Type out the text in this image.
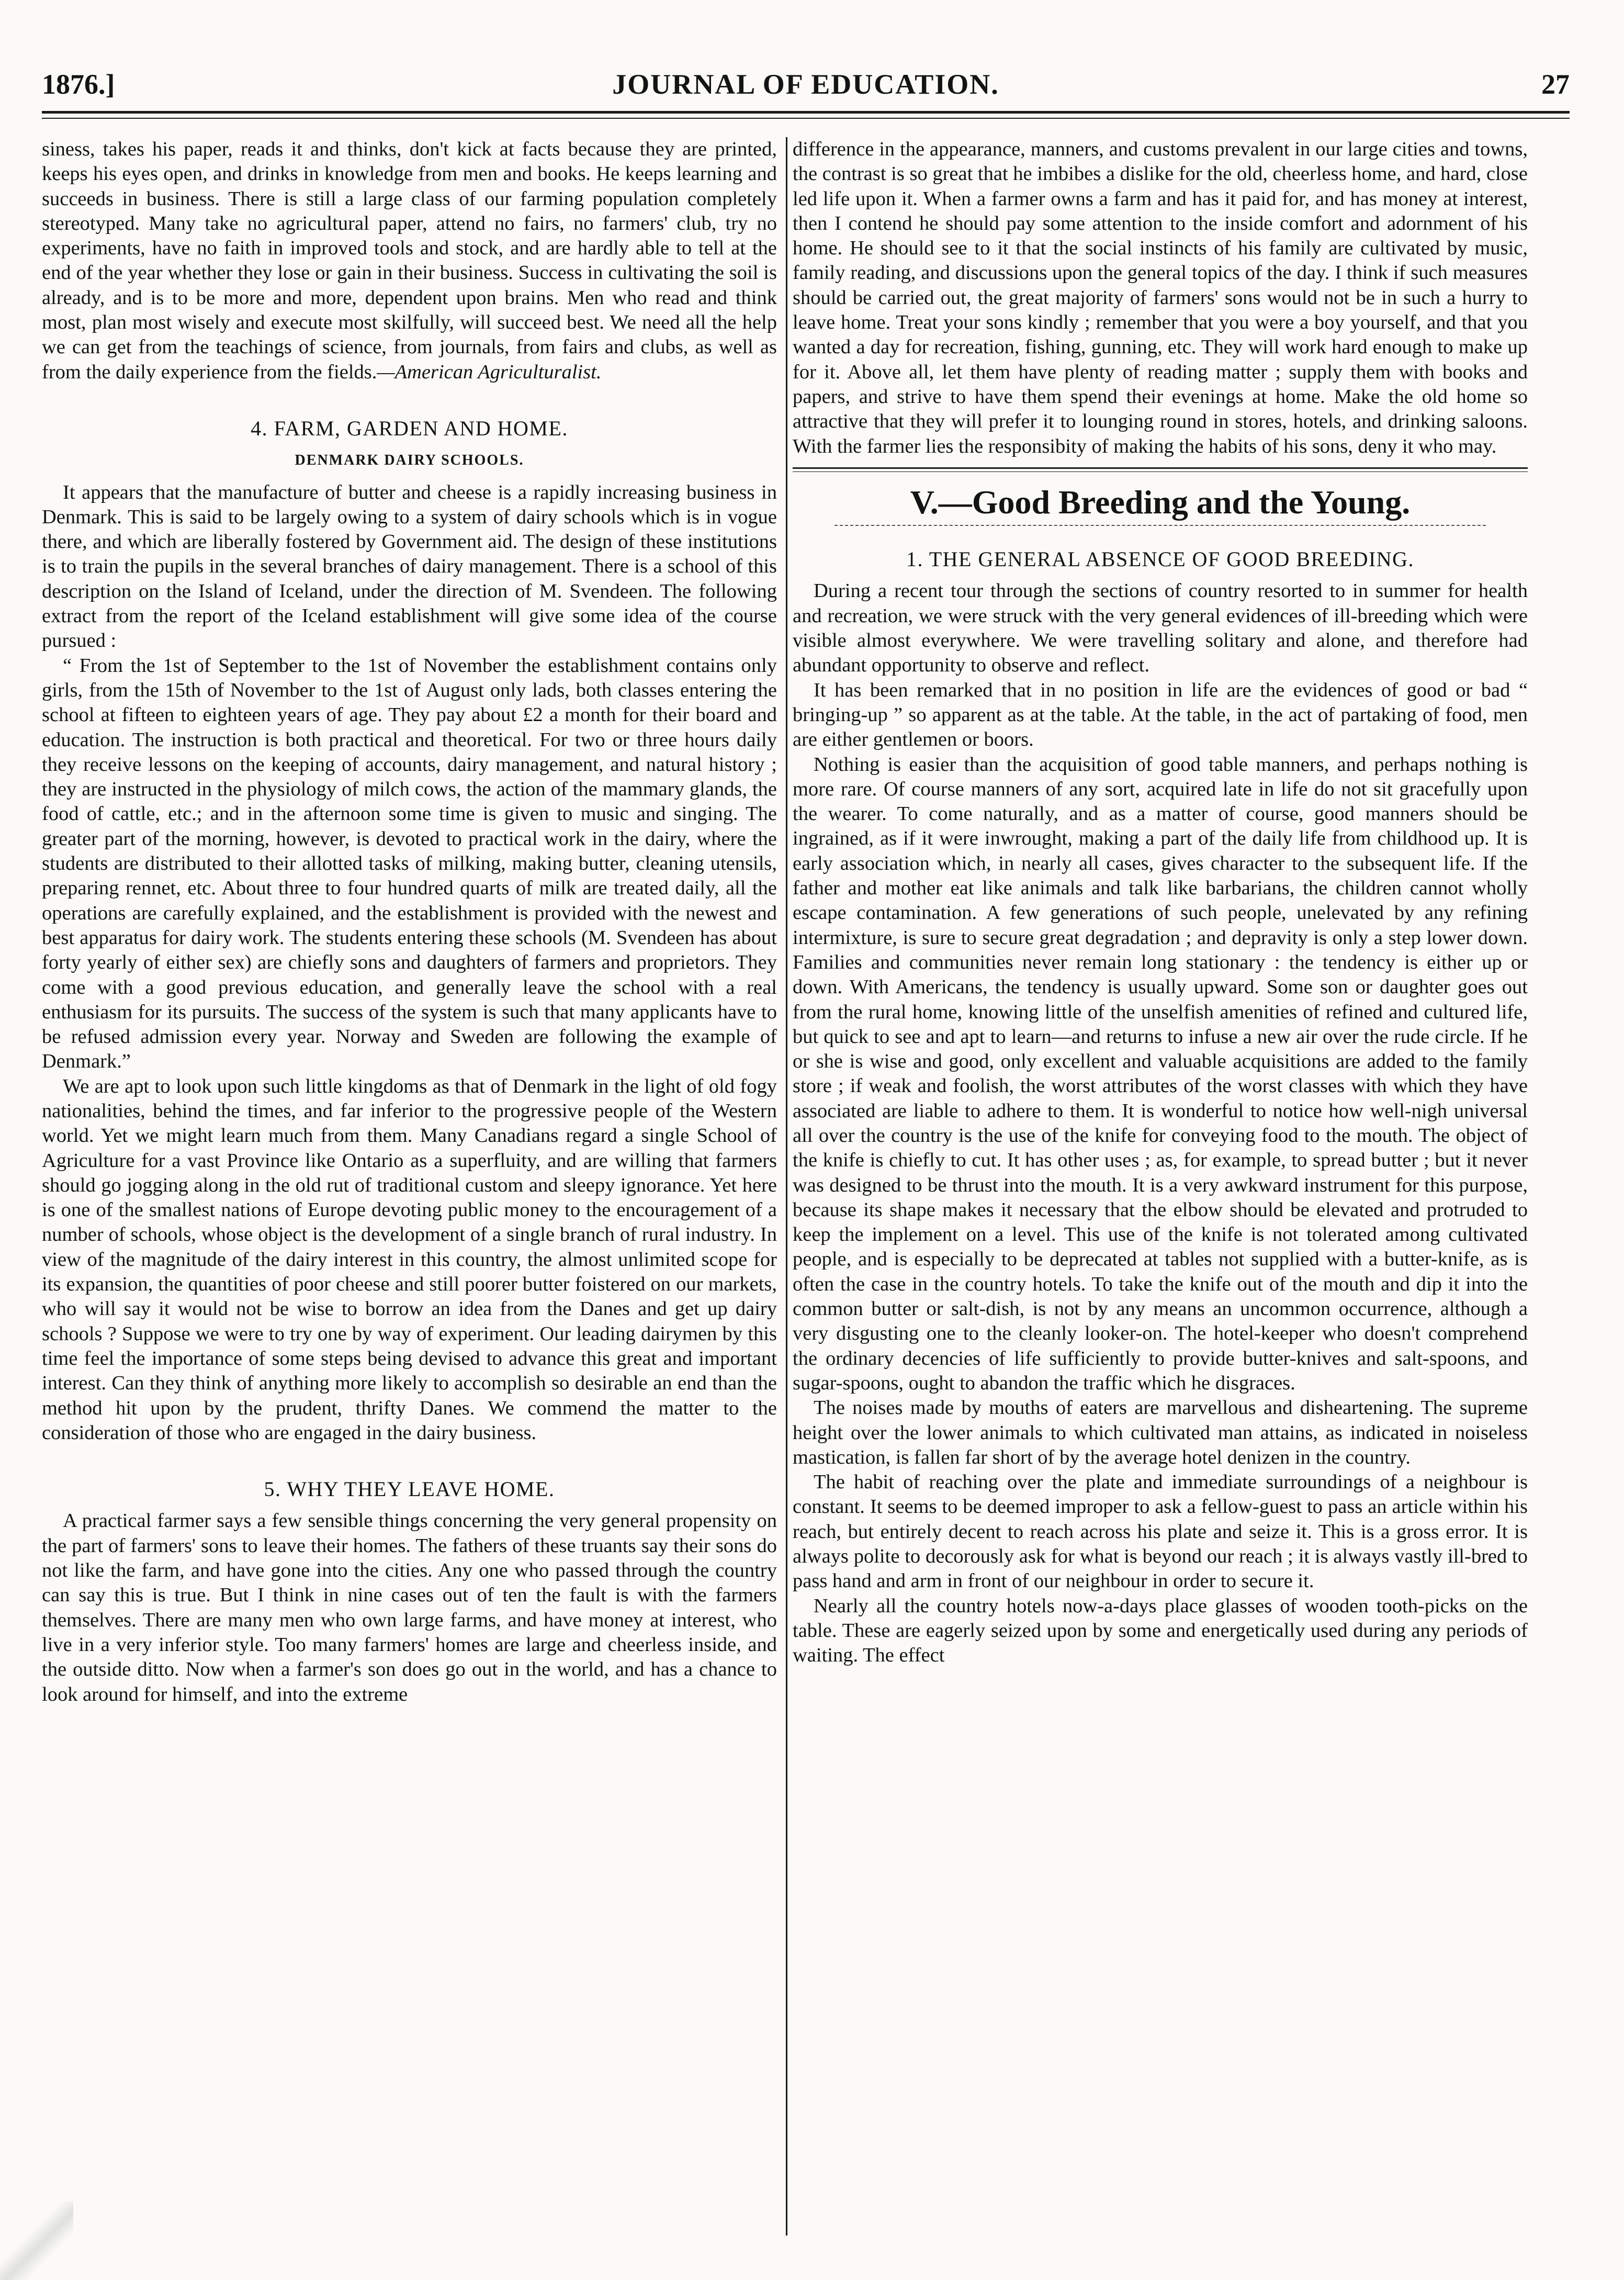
1876.]	JOURNAL OF EDUCATION.	27

siness, takes his paper, reads it and thinks, don't kick at facts because they are printed, keeps his eyes open, and drinks in knowledge from men and books. He keeps learning and succeeds in business. There is still a large class of our farming population completely stereotyped. Many take no agricultural paper, attend no fairs, no farmers' club, try no experiments, have no faith in improved tools and stock, and are hardly able to tell at the end of the year whether they lose or gain in their business. Success in cultivating the soil is already, and is to be more and more, dependent upon brains. Men who read and think most, plan most wisely and execute most skilfully, will succeed best. We need all the help we can get from the teachings of science, from journals, from fairs and clubs, as well as from the daily experience from the fields.—American Agriculturalist.

4. FARM, GARDEN AND HOME.
DENMARK DAIRY SCHOOLS.

It appears that the manufacture of butter and cheese is a rapidly increasing business in Denmark. This is said to be largely owing to a system of dairy schools which is in vogue there, and which are liberally fostered by Government aid. The design of these institutions is to train the pupils in the several branches of dairy management. There is a school of this description on the Island of Iceland, under the direction of M. Svendeen. The following extract from the report of the Iceland establishment will give some idea of the course pursued :

“ From the 1st of September to the 1st of November the establishment contains only girls, from the 15th of November to the 1st of August only lads, both classes entering the school at fifteen to eighteen years of age. They pay about £2 a month for their board and education. The instruction is both practical and theoretical. For two or three hours daily they receive lessons on the keeping of accounts, dairy management, and natural history ; they are instructed in the physiology of milch cows, the action of the mammary glands, the food of cattle, etc.; and in the afternoon some time is given to music and singing. The greater part of the morning, however, is devoted to practical work in the dairy, where the students are distributed to their allotted tasks of milking, making butter, cleaning utensils, preparing rennet, etc. About three to four hundred quarts of milk are treated daily, all the operations are carefully explained, and the establishment is provided with the newest and best apparatus for dairy work. The students entering these schools (M. Svendeen has about forty yearly of either sex) are chiefly sons and daughters of farmers and proprietors. They come with a good previous education, and generally leave the school with a real enthusiasm for its pursuits. The success of the system is such that many applicants have to be refused admission every year. Norway and Sweden are following the example of Denmark.”

We are apt to look upon such little kingdoms as that of Denmark in the light of old fogy nationalities, behind the times, and far inferior to the progressive people of the Western world. Yet we might learn much from them. Many Canadians regard a single School of Agriculture for a vast Province like Ontario as a superfluity, and are willing that farmers should go jogging along in the old rut of traditional custom and sleepy ignorance. Yet here is one of the smallest nations of Europe devoting public money to the encouragement of a number of schools, whose object is the development of a single branch of rural industry. In view of the magnitude of the dairy interest in this country, the almost unlimited scope for its expansion, the quantities of poor cheese and still poorer butter foistered on our markets, who will say it would not be wise to borrow an idea from the Danes and get up dairy schools ? Suppose we were to try one by way of experiment. Our leading dairymen by this time feel the importance of some steps being devised to advance this great and important interest. Can they think of anything more likely to accomplish so desirable an end than the method hit upon by the prudent, thrifty Danes. We commend the matter to the consideration of those who are engaged in the dairy business.

5. WHY THEY LEAVE HOME.

A practical farmer says a few sensible things concerning the very general propensity on the part of farmers' sons to leave their homes. The fathers of these truants say their sons do not like the farm, and have gone into the cities. Any one who passed through the country can say this is true. But I think in nine cases out of ten the fault is with the farmers themselves. There are many men who own large farms, and have money at interest, who live in a very inferior style. Too many farmers' homes are large and cheerless inside, and the outside ditto. Now when a farmer's son does go out in the world, and has a chance to look around for himself, and into the extreme

difference in the appearance, manners, and customs prevalent in our large cities and towns, the contrast is so great that he imbibes a dislike for the old, cheerless home, and hard, close led life upon it. When a farmer owns a farm and has it paid for, and has money at interest, then I contend he should pay some attention to the inside comfort and adornment of his home. He should see to it that the social instincts of his family are cultivated by music, family reading, and discussions upon the general topics of the day. I think if such measures should be carried out, the great majority of farmers' sons would not be in such a hurry to leave home. Treat your sons kindly ; remember that you were a boy yourself, and that you wanted a day for recreation, fishing, gunning, etc. They will work hard enough to make up for it. Above all, let them have plenty of reading matter ; supply them with books and papers, and strive to have them spend their evenings at home. Make the old home so attractive that they will prefer it to lounging round in stores, hotels, and drinking saloons. With the farmer lies the responsibity of making the habits of his sons, deny it who may.

V.—Good Breeding and the Young.
1. THE GENERAL ABSENCE OF GOOD BREEDING.

During a recent tour through the sections of country resorted to in summer for health and recreation, we were struck with the very general evidences of ill-breeding which were visible almost everywhere. We were travelling solitary and alone, and therefore had abundant opportunity to observe and reflect.

It has been remarked that in no position in life are the evidences of good or bad “ bringing-up ” so apparent as at the table. At the table, in the act of partaking of food, men are either gentlemen or boors.

Nothing is easier than the acquisition of good table manners, and perhaps nothing is more rare. Of course manners of any sort, acquired late in life do not sit gracefully upon the wearer. To come naturally, and as a matter of course, good manners should be ingrained, as if it were inwrought, making a part of the daily life from childhood up. It is early association which, in nearly all cases, gives character to the subsequent life. If the father and mother eat like animals and talk like barbarians, the children cannot wholly escape contamination. A few generations of such people, unelevated by any refining intermixture, is sure to secure great degradation ; and depravity is only a step lower down. Families and communities never remain long stationary : the tendency is either up or down. With Americans, the tendency is usually upward. Some son or daughter goes out from the rural home, knowing little of the unselfish amenities of refined and cultured life, but quick to see and apt to learn—and returns to infuse a new air over the rude circle. If he or she is wise and good, only excellent and valuable acquisitions are added to the family store ; if weak and foolish, the worst attributes of the worst classes with which they have associated are liable to adhere to them. It is wonderful to notice how well-nigh universal all over the country is the use of the knife for conveying food to the mouth. The object of the knife is chiefly to cut. It has other uses ; as, for example, to spread butter ; but it never was designed to be thrust into the mouth. It is a very awkward instrument for this purpose, because its shape makes it necessary that the elbow should be elevated and protruded to keep the implement on a level. This use of the knife is not tolerated among cultivated people, and is especially to be deprecated at tables not supplied with a butter-knife, as is often the case in the country hotels. To take the knife out of the mouth and dip it into the common butter or salt-dish, is not by any means an uncommon occurrence, although a very disgusting one to the cleanly looker-on. The hotel-keeper who doesn't comprehend the ordinary decencies of life sufficiently to provide butter-knives and salt-spoons, and sugar-spoons, ought to abandon the traffic which he disgraces.

The noises made by mouths of eaters are marvellous and disheartening. The supreme height over the lower animals to which cultivated man attains, as indicated in noiseless mastication, is fallen far short of by the average hotel denizen in the country.

The habit of reaching over the plate and immediate surroundings of a neighbour is constant. It seems to be deemed improper to ask a fellow-guest to pass an article within his reach, but entirely decent to reach across his plate and seize it. This is a gross error. It is always polite to decorously ask for what is beyond our reach ; it is always vastly ill-bred to pass hand and arm in front of our neighbour in order to secure it.

Nearly all the country hotels now-a-days place glasses of wooden tooth-picks on the table. These are eagerly seized upon by some and energetically used during any periods of waiting. The effect
